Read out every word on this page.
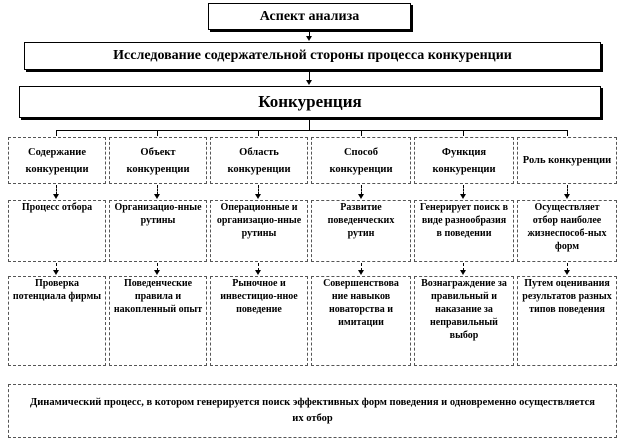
Аспект анализа
Исследование содержательной стороны процесса конкуренции
Конкуренция
Содержание конкуренции
Объект конкуренции
Область конкуренции
Способ конкуренции
Функция конкуренции
Роль конкуренции
Процесс отбора Организацио-нные рутины
Операционные и организацио-нные рутины
Развитие поведенческих рутин
Генерирует поиск в виде разнообразия в поведении
Осуществляет отбор наиболее жизнеспособ-ных форм
Проверка потенциала фирмы
Поведенческие правила и накопленный опыт
Рыночное и инвестицио-нное поведение
Совершенствова ние навыков новаторства и имитации
Вознаграждение за правильный и наказание за неправильный выбор
Путем оценивания результатов разных типов поведения
Динамический процесс, в котором генерируется поиск эффективных форм поведения и одновременно осуществляется их отбор
